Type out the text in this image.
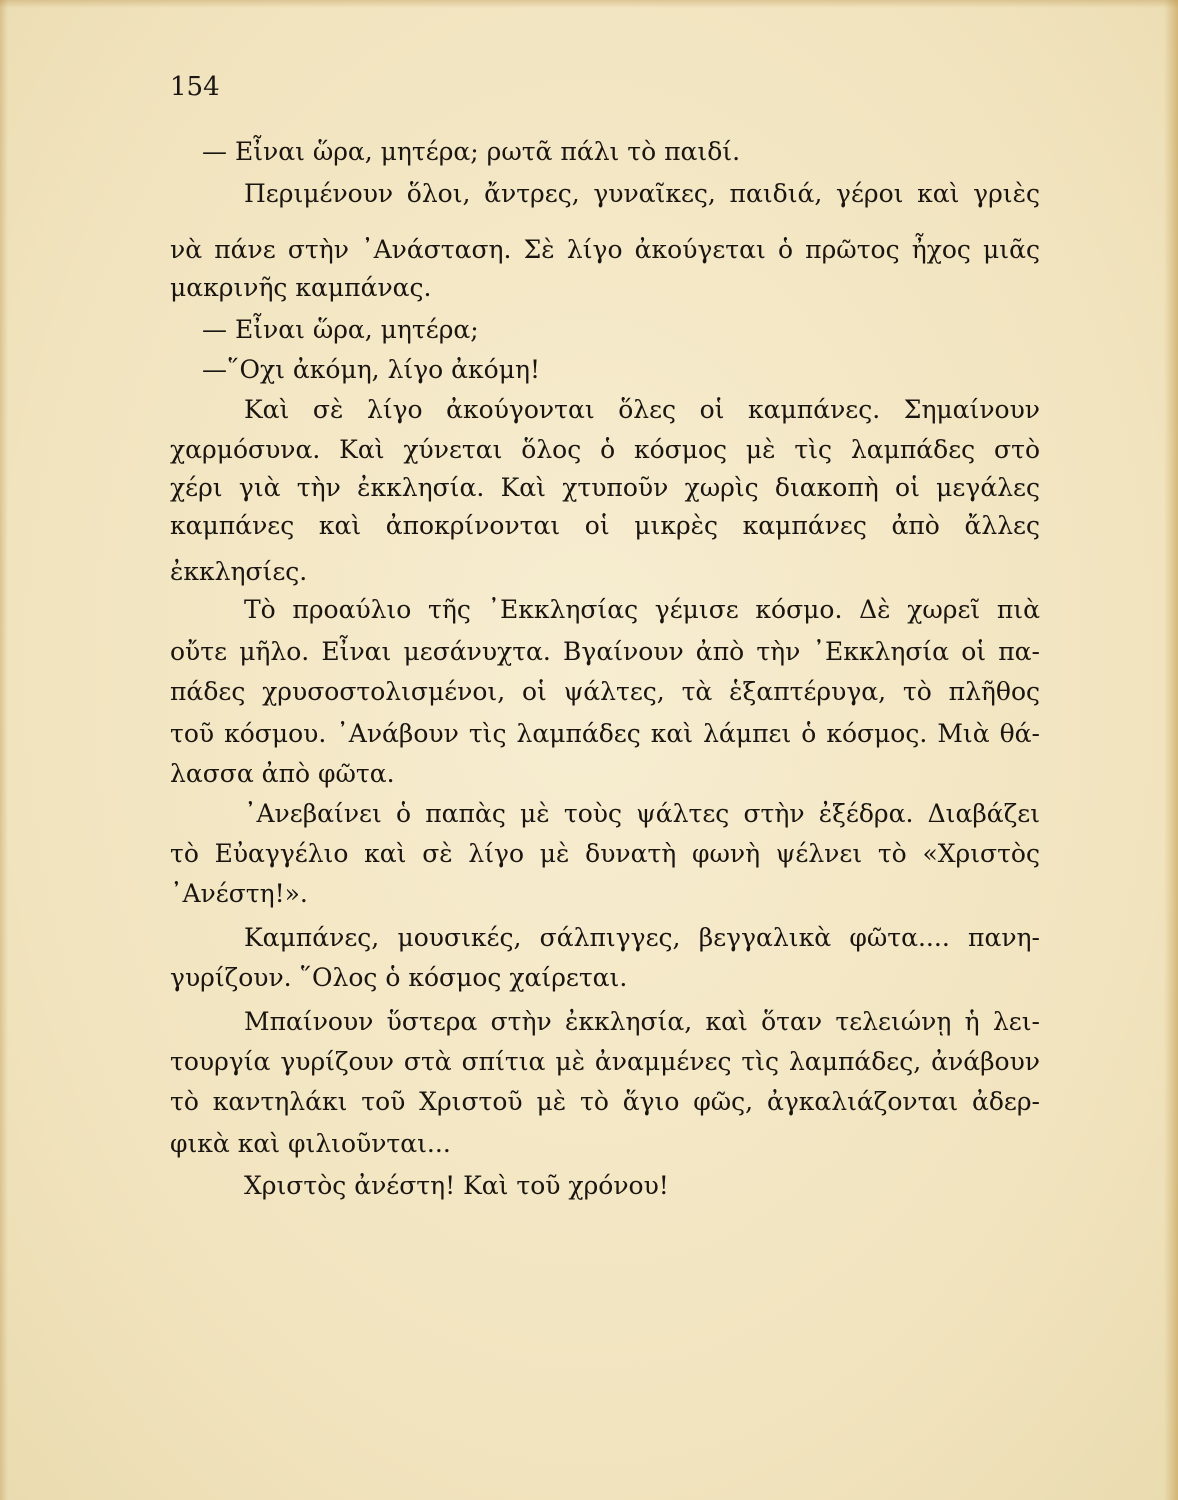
154
— Εἶναι ὥρα, μητέρα; ρωτᾶ πάλι τὸ παιδί.
Περιμένουν ὅλοι, ἄντρες, γυναῖκες, παιδιά, γέροι καὶ γριὲς
νὰ πάνε στὴν ᾿Ανάσταση. Σὲ λίγο ἀκούγεται ὁ πρῶτος ἦχος μιᾶς
μακρινῆς καμπάνας.
— Εἶναι ὥρα, μητέρα;
—῞Οχι ἀκόμη, λίγο ἀκόμη!
Καὶ σὲ λίγο ἀκούγονται ὅλες οἱ καμπάνες. Σημαίνουν
χαρμόσυνα. Καὶ χύνεται ὅλος ὁ κόσμος μὲ τὶς λαμπάδες στὸ
χέρι γιὰ τὴν ἐκκλησία. Καὶ χτυποῦν χωρὶς διακοπὴ οἱ μεγάλες
καμπάνες καὶ ἀποκρίνονται οἱ μικρὲς καμπάνες ἀπὸ ἄλλες
ἐκκλησίες.
Τὸ προαύλιο τῆς ᾿Εκκλησίας γέμισε κόσμο. Δὲ χωρεῖ πιὰ
οὔτε μῆλο. Εἶναι μεσάνυχτα. Βγαίνουν ἀπὸ τὴν ᾿Εκκλησία οἱ πα-
πάδες χρυσοστολισμένοι, οἱ ψάλτες, τὰ ἑξαπτέρυγα, τὸ πλῆθος
τοῦ κόσμου. ᾿Ανάβουν τὶς λαμπάδες καὶ λάμπει ὁ κόσμος. Μιὰ θά-
λασσα ἀπὸ φῶτα.
᾿Ανεβαίνει ὁ παπὰς μὲ τοὺς ψάλτες στὴν ἐξέδρα. Διαβάζει
τὸ Εὐαγγέλιο καὶ σὲ λίγο μὲ δυνατὴ φωνὴ ψέλνει τὸ «Χριστὸς
᾿Ανέστη!».
Καμπάνες, μουσικές, σάλπιγγες, βεγγαλικὰ φῶτα.... πανη-
γυρίζουν. ῞Ολος ὁ κόσμος χαίρεται.
Μπαίνουν ὕστερα στὴν ἐκκλησία, καὶ ὅταν τελειώνῃ ἡ λει-
τουργία γυρίζουν στὰ σπίτια μὲ ἀναμμένες τὶς λαμπάδες, ἀνάβουν
τὸ καντηλάκι τοῦ Χριστοῦ μὲ τὸ ἅγιο φῶς, ἀγκαλιάζονται ἀδερ-
φικὰ καὶ φιλιοῦνται...
Χριστὸς ἀνέστη! Καὶ τοῦ χρόνου!
